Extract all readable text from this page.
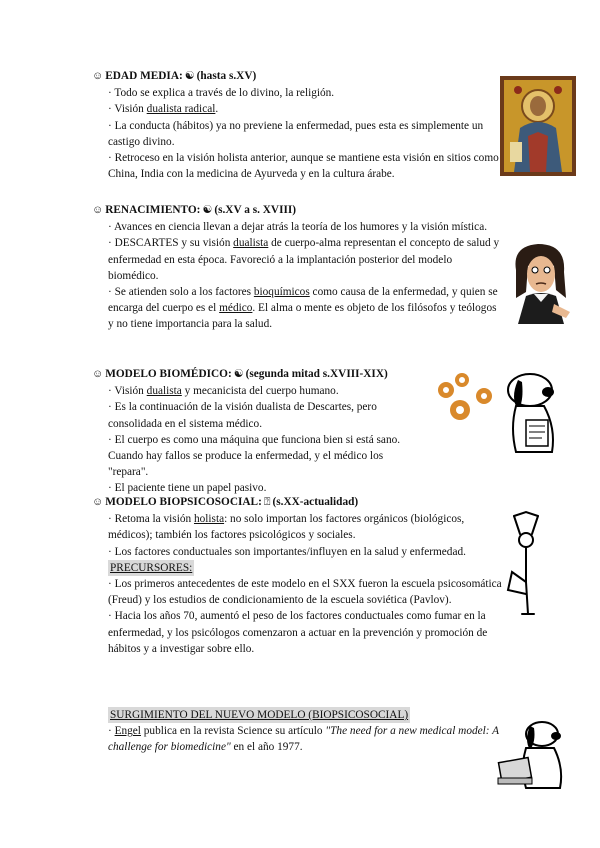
☺ EDAD MEDIA: ☯ (hasta s.XV)
· Todo se explica a través de lo divino, la religión.
· Visión dualista radical.
· La conducta (hábitos) ya no previene la enfermedad, pues esta es simplemente un castigo divino.
· Retroceso en la visión holista anterior, aunque se mantiene esta visión en sitios como China, India con la medicina de Ayurveda y en la cultura árabe.
☺ RENACIMIENTO: ☯ (s.XV a s. XVIII)
· Avances en ciencia llevan a dejar atrás la teoría de los humores y la visión mística.
· DESCARTES y su visión dualista de cuerpo-alma representan el concepto de salud y enfermedad en esta época. Favoreció a la implantación posterior del modelo biomédico.
· Se atienden solo a los factores bioquímicos como causa de la enfermedad, y quien se encarga del cuerpo es el médico. El alma o mente es objeto de los filósofos y teólogos y no tiene importancia para la salud.
☺ MODELO BIOMÉDICO: ☯ (segunda mitad s.XVIII-XIX)
· Visión dualista y mecanicista del cuerpo humano.
· Es la continuación de la visión dualista de Descartes, pero consolidada en el sistema médico.
· El cuerpo es como una máquina que funciona bien si está sano. Cuando hay fallos se produce la enfermedad, y el médico los "repara".
· El paciente tiene un papel pasivo.
☺ MODELO BIOPSICOSOCIAL: ⍰ (s.XX-actualidad)
· Retoma la visión holista: no solo importan los factores orgánicos (biológicos, médicos); también los factores psicológicos y sociales.
· Los factores conductuales son importantes/influyen en la salud y enfermedad.
PRECURSORES:
· Los primeros antecedentes de este modelo en el SXX fueron la escuela psicosomática (Freud) y los estudios de condicionamiento de la escuela soviética (Pavlov).
· Hacia los años 70, aumentó el peso de los factores conductuales como fumar en la enfermedad, y los psicólogos comenzaron a actuar en la prevención y promoción de hábitos y a investigar sobre ello.
SURGIMIENTO DEL NUEVO MODELO (BIOPSICOSOCIAL)
· Engel publica en la revista Science su artículo "The need for a new medical model: A challenge for biomedicine" en el año 1977.
